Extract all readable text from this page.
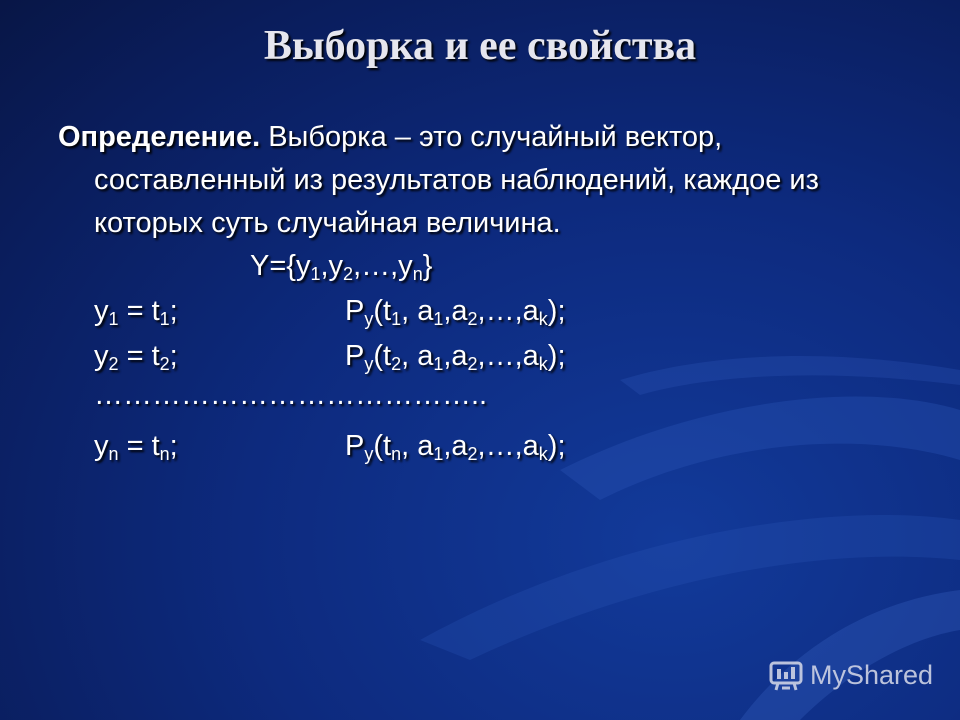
Выборка и ее свойства
Определение. Выборка – это случайный вектор, составленный из результатов наблюдений, каждое из которых суть случайная величина.
$Y=\{y_1,y_2,\dots,y_n\}$
$y_1 = t_1$;	$P_y(t_1$, $a_1,a_2,\dots,a_k$);
$y_2 = t_2$;	$P_y(t_2$, $a_1,a_2,\dots,a_k$);
…………………………………..
$y_n = t_n$;	$P_y(t_n$, $a_1,a_2,\dots,a_k$);
MyShared
